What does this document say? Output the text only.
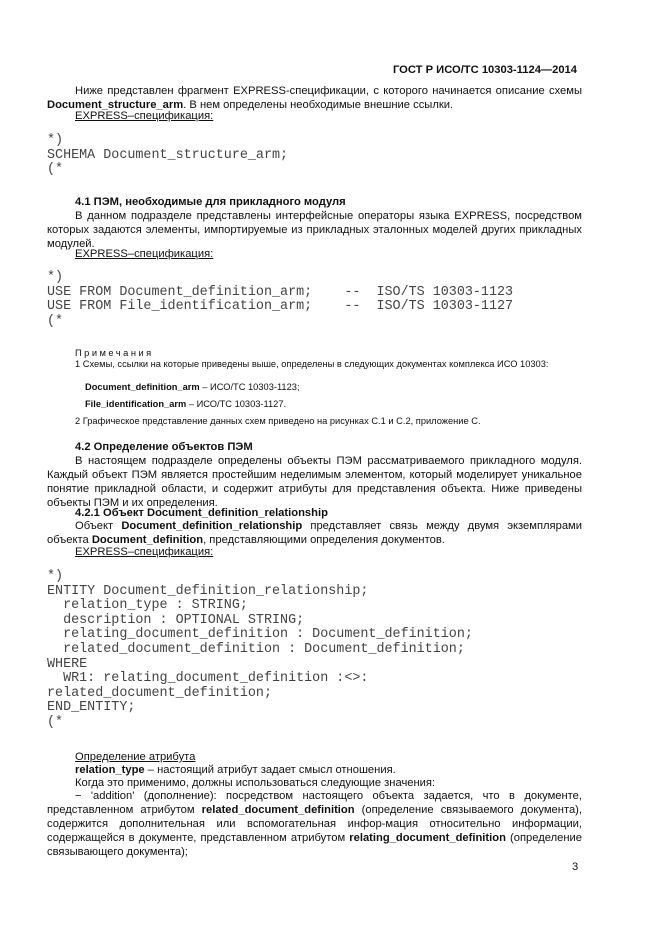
ГОСТ Р ИСО/ТС 10303-1124—2014
Ниже представлен фрагмент EXPRESS-спецификации, с которого начинается описание схемы Document_structure_arm. В нем определены необходимые внешние ссылки.
EXPRESS–спецификация:
*)
SCHEMA Document_structure_arm;
(*
4.1 ПЭМ, необходимые для прикладного модуля
В данном подразделе представлены интерфейсные операторы языка EXPRESS, посредством которых задаются элементы, импортируемые из прикладных эталонных моделей других прикладных модулей.
EXPRESS–спецификация:
*)
USE FROM Document_definition_arm;    --  ISO/TS 10303-1123
USE FROM File_identification_arm;    --  ISO/TS 10303-1127
(*
Примечания
1 Схемы, ссылки на которые приведены выше, определены в следующих документах комплекса ИСО 10303:
Document_definition_arm – ИСО/ТС 10303-1123;
File_identification_arm – ИСО/ТС 10303-1127.
2 Графическое представление данных схем приведено на рисунках С.1 и С.2, приложение С.
4.2 Определение объектов ПЭМ
В настоящем подразделе определены объекты ПЭМ рассматриваемого прикладного модуля. Каждый объект ПЭМ является простейшим неделимым элементом, который моделирует уникальное понятие прикладной области, и содержит атрибуты для представления объекта. Ниже приведены объекты ПЭМ и их определения.
4.2.1 Объект Document_definition_relationship
Объект Document_definition_relationship представляет связь между двумя экземплярами объекта Document_definition, представляющими определения документов.
EXPRESS–спецификация:
*)
ENTITY Document_definition_relationship;
relation_type : STRING;
description : OPTIONAL STRING;
relating_document_definition : Document_definition;
related_document_definition : Document_definition;
WHERE
WR1: relating_document_definition :<>:
related_document_definition;
END_ENTITY;
(*
Определение атрибута
relation_type – настоящий атрибут задает смысл отношения.
Когда это применимо, должны использоваться следующие значения:
− 'addition' (дополнение): посредством настоящего объекта задается, что в документе, представленном атрибутом related_document_definition (определение связываемого документа), содержится дополнительная или вспомогательная инфор-мация относительно информации, содержащейся в документе, представленном атрибутом relating_document_definition (определение связывающего документа);
3
